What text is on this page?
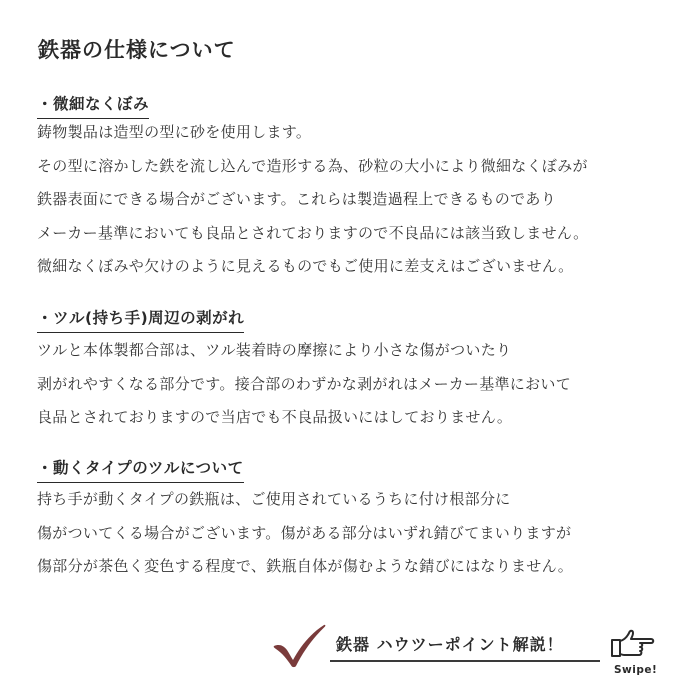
鉄器の仕様について
・微細なくぼみ
鋳物製品は造型の型に砂を使用します。
その型に溶かした鉄を流し込んで造形する為、砂粒の大小により微細なくぼみが
鉄器表面にできる場合がございます。これらは製造過程上できるものであり
メーカー基準においても良品とされておりますので不良品には該当致しません。
微細なくぼみや欠けのように見えるものでもご使用に差支えはございません。
・ツル(持ち手)周辺の剥がれ
ツルと本体製都合部は、ツル装着時の摩擦により小さな傷がついたり
剥がれやすくなる部分です。接合部のわずかな剥がれはメーカー基準において
良品とされておりますので当店でも不良品扱いにはしておりません。
・動くタイプのツルについて
持ち手が動くタイプの鉄瓶は、ご使用されているうちに付け根部分に
傷がついてくる場合がございます。傷がある部分はいずれ錆びてまいりますが
傷部分が茶色く変色する程度で、鉄瓶自体が傷むような錆びにはなりません。
鉄器 ハウツーポイント解説！
Swipe!
